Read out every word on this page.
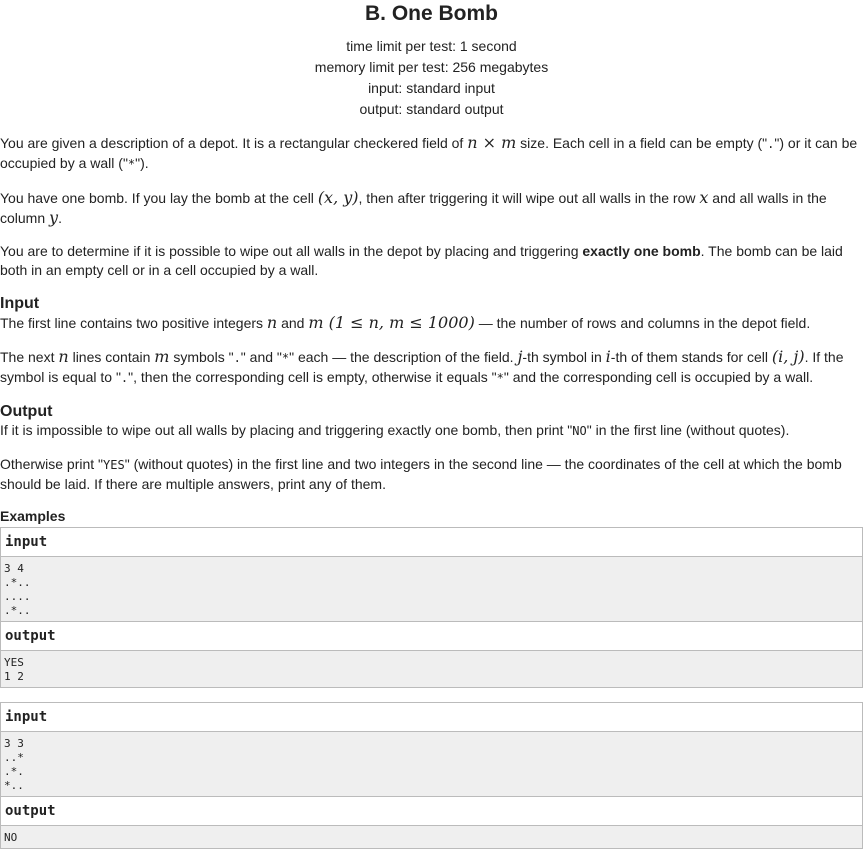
B. One Bomb
time limit per test: 1 second
memory limit per test: 256 megabytes
input: standard input
output: standard output

You are given a description of a depot. It is a rectangular checkered field of n × m size. Each cell in a field can be empty (".") or it can be occupied by a wall ("*").

You have one bomb. If you lay the bomb at the cell (x, y), then after triggering it will wipe out all walls in the row x and all walls in the column y.

You are to determine if it is possible to wipe out all walls in the depot by placing and triggering exactly one bomb. The bomb can be laid both in an empty cell or in a cell occupied by a wall.

Input

The first line contains two positive integers n and m (1 ≤ n, m ≤ 1000) — the number of rows and columns in the depot field.

The next n lines contain m symbols "." and "*" each — the description of the field. j-th symbol in i-th of them stands for cell (i, j). If the symbol is equal to ".", then the corresponding cell is empty, otherwise it equals "*" and the corresponding cell is occupied by a wall.

Output

If it is impossible to wipe out all walls by placing and triggering exactly one bomb, then print "NO" in the first line (without quotes).

Otherwise print "YES" (without quotes) in the first line and two integers in the second line — the coordinates of the cell at which the bomb should be laid. If there are multiple answers, print any of them.

Examples
input
3 4
.*..
....
.*..
output
YES
1 2
input
3 3
..*
.*.
*..
output
NO
